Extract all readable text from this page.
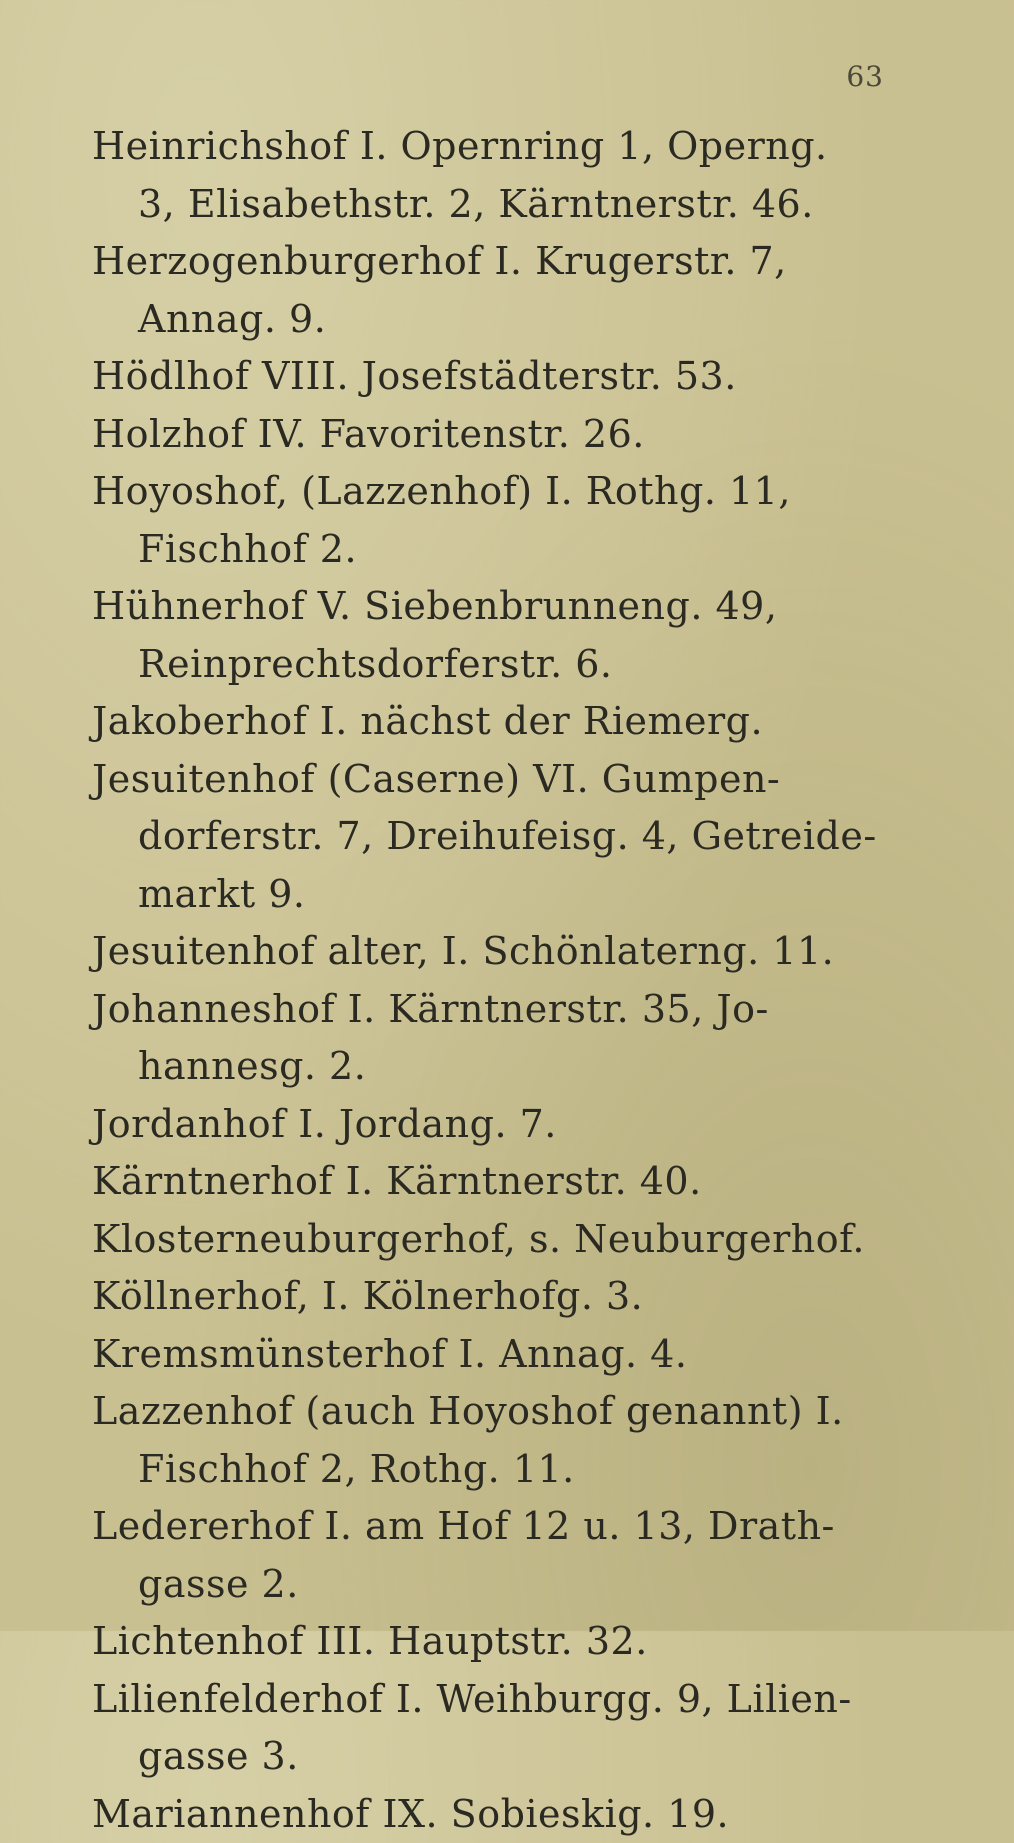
63
Heinrichshof I. Opernring 1, Operng.
3, Elisabethstr. 2, Kärntnerstr. 46.
Herzogenburgerhof I. Krugerstr. 7,
Annag. 9.
Hödlhof VIII. Josefstädterstr. 53.
Holzhof IV. Favoritenstr. 26.
Hoyoshof, (Lazzenhof) I. Rothg. 11,
Fischhof 2.
Hühnerhof V. Siebenbrunneng. 49,
Reinprechtsdorferstr. 6.
Jakoberhof I. nächst der Riemerg.
Jesuitenhof (Caserne) VI. Gumpen-
dorferstr. 7, Dreihufeisg. 4, Getreide-
markt 9.
Jesuitenhof alter, I. Schönlaterng. 11.
Johanneshof I. Kärntnerstr. 35, Jo-
hannesg. 2.
Jordanhof I. Jordang. 7.
Kärntnerhof I. Kärntnerstr. 40.
Klosterneuburgerhof, s. Neuburgerhof.
Köllnerhof, I. Kölnerhofg. 3.
Kremsmünsterhof I. Annag. 4.
Lazzenhof (auch Hoyoshof genannt) I.
Fischhof 2, Rothg. 11.
Ledererhof I. am Hof 12 u. 13, Drath-
gasse 2.
Lichtenhof III. Hauptstr. 32.
Lilienfelderhof I. Weihburgg. 9, Lilien-
gasse 3.
Mariannenhof IX. Sobieskig. 19.
